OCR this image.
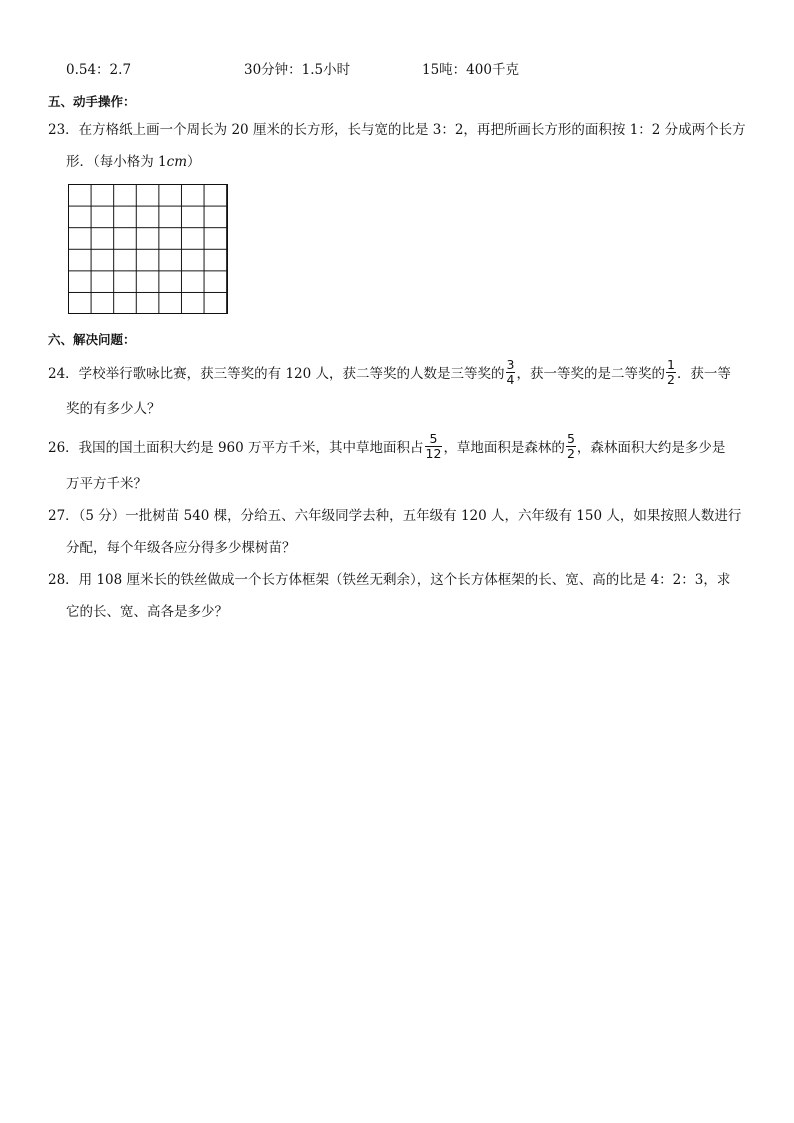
0.54：2.7	30分钟：1.5小时	15吨：400千克
五、动手操作：
23．在方格纸上画一个周长为 20 厘米的长方形，长与宽的比是 3：2，再把所画长方形的面积按 1：2 分成两个长方
形．（每小格为 1cm）
六、解决问题：
24．学校举行歌咏比赛，获三等奖的有 120 人，获二等奖的人数是三等奖的 $\frac{3}{4}$ ，获一等奖的是二等奖的 $\frac{1}{2}$ ．获一等
奖的有多少人？
26．我国的国土面积大约是 960 万平方千米，其中草地面积占 $\frac{5}{12}$ ，草地面积是森林的 $\frac{5}{2}$ ，森林面积大约是多少是
万平方千米？
27．（5 分）一批树苗 540 棵，分给五、六年级同学去种，五年级有 120 人，六年级有 150 人，如果按照人数进行
分配，每个年级各应分得多少棵树苗？
28．用 108 厘米长的铁丝做成一个长方体框架（铁丝无剩余），这个长方体框架的长、宽、高的比是 4：2：3，求
它的长、宽、高各是多少？
